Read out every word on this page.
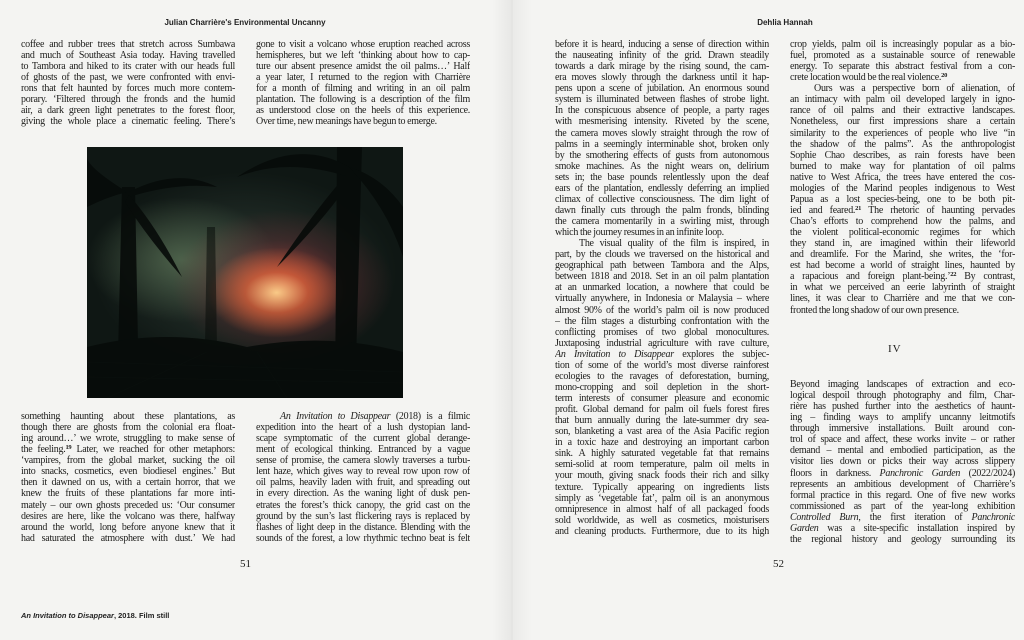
Julian Charrière's Environmental Uncanny	Dehlia Hannah
coffee and rubber trees that stretch across Sumbawa
and much of Southeast Asia today. Having travelled
to Tambora and hiked to its crater with our heads full
of ghosts of the past, we were confronted with envi-
rons that felt haunted by forces much more contem-
porary. ‘Filtered through the fronds and the humid
air, a dark green light penetrates to the forest floor,
giving the whole place a cinematic feeling. There’s
gone to visit a volcano whose eruption reached across
hemispheres, but we left ‘thinking about how to cap-
ture our absent presence amidst the oil palms…’ Half
a year later, I returned to the region with Charrière
for a month of filming and writing in an oil palm
plantation. The following is a description of the film
as understood close on the heels of this experience.
Over time, new meanings have begun to emerge.
something haunting about these plantations, as
though there are ghosts from the colonial era float-
ing around…’ we wrote, struggling to make sense of
the feeling.$^{19}$ Later, we reached for other metaphors:
‘vampires, from the global market, sucking the oil
into snacks, cosmetics, even biodiesel engines.’ But
then it dawned on us, with a certain horror, that we
knew the fruits of these plantations far more inti-
mately – our own ghosts preceded us: ‘Our consumer
desires are here, like the volcano was there, halfway
around the world, long before anyone knew that it
had saturated the atmosphere with dust.’ We had
An Invitation to Disappear (2018) is a filmic
expedition into the heart of a lush dystopian land-
scape symptomatic of the current global derange-
ment of ecological thinking. Entranced by a vague
sense of promise, the camera slowly traverses a turbu-
lent haze, which gives way to reveal row upon row of
oil palms, heavily laden with fruit, and spreading out
in every direction. As the waning light of dusk pen-
etrates the forest’s thick canopy, the grid cast on the
ground by the sun’s last flickering rays is replaced by
flashes of light deep in the distance. Blending with the
sounds of the forest, a low rhythmic techno beat is felt
51
An Invitation to Disappear, 2018. Film still
before it is heard, inducing a sense of direction within
the nauseating infinity of the grid. Drawn steadily
towards a dark mirage by the rising sound, the cam-
era moves slowly through the darkness until it hap-
pens upon a scene of jubilation. An enormous sound
system is illuminated between flashes of strobe light.
In the conspicuous absence of people, a party rages
with mesmerising intensity. Riveted by the scene,
the camera moves slowly straight through the row of
palms in a seemingly interminable shot, broken only
by the smothering effects of gusts from autonomous
smoke machines. As the night wears on, delirium
sets in; the base pounds relentlessly upon the deaf
ears of the plantation, endlessly deferring an implied
climax of collective consciousness. The dim light of
dawn finally cuts through the palm fronds, blinding
the camera momentarily in a swirling mist, through
which the journey resumes in an infinite loop.
The visual quality of the film is inspired, in
part, by the clouds we traversed on the historical and
geographical path between Tambora and the Alps,
between 1818 and 2018. Set in an oil palm plantation
at an unmarked location, a nowhere that could be
virtually anywhere, in Indonesia or Malaysia – where
almost 90% of the world’s palm oil is now produced
– the film stages a disturbing confrontation with the
conflicting promises of two global monocultures.
Juxtaposing industrial agriculture with rave culture,
An Invitation to Disappear explores the subjec-
tion of some of the world’s most diverse rainforest
ecologies to the ravages of deforestation, burning,
mono-cropping and soil depletion in the short-
term interests of consumer pleasure and economic
profit. Global demand for palm oil fuels forest fires
that burn annually during the late-summer dry sea-
son, blanketing a vast area of the Asia Pacific region
in a toxic haze and destroying an important carbon
sink. A highly saturated vegetable fat that remains
semi-solid at room temperature, palm oil melts in
your mouth, giving snack foods their rich and silky
texture. Typically appearing on ingredients lists
simply as ‘vegetable fat’, palm oil is an anonymous
omnipresence in almost half of all packaged foods
sold worldwide, as well as cosmetics, moisturisers
and cleaning products. Furthermore, due to its high
crop yields, palm oil is increasingly popular as a bio-
fuel, promoted as a sustainable source of renewable
energy. To separate this abstract festival from a con-
crete location would be the real violence.$^{20}$
Ours was a perspective born of alienation, of
an intimacy with palm oil developed largely in igno-
rance of oil palms and their extractive landscapes.
Nonetheless, our first impressions share a certain
similarity to the experiences of people who live “in
the shadow of the palms”. As the anthropologist
Sophie Chao describes, as rain forests have been
burned to make way for plantation of oil palms
native to West Africa, the trees have entered the cos-
mologies of the Marind peoples indigenous to West
Papua as a lost species-being, one to be both pit-
ied and feared.$^{21}$ The rhetoric of haunting pervades
Chao’s efforts to comprehend how the palms, and
the violent political-economic regimes for which
they stand in, are imagined within their lifeworld
and dreamlife. For the Marind, she writes, the ‘for-
est had become a world of straight lines, haunted by
a rapacious and foreign plant-being.’$^{22}$ By contrast,
in what we perceived an eerie labyrinth of straight
lines, it was clear to Charrière and me that we con-
fronted the long shadow of our own presence.
IV
Beyond imaging landscapes of extraction and eco-
logical despoil through photography and film, Char-
rière has pushed further into the aesthetics of haunt-
ing – finding ways to amplify uncanny leitmotifs
through immersive installations. Built around con-
trol of space and affect, these works invite – or rather
demand – mental and embodied participation, as the
visitor lies down or picks their way across slippery
floors in darkness. Panchronic Garden (2022/2024)
represents an ambitious development of Charrière’s
formal practice in this regard. One of five new works
commissioned as part of the year-long exhibition
Controlled Burn, the first iteration of Panchronic
Garden was a site-specific installation inspired by
the regional history and geology surrounding its
52
